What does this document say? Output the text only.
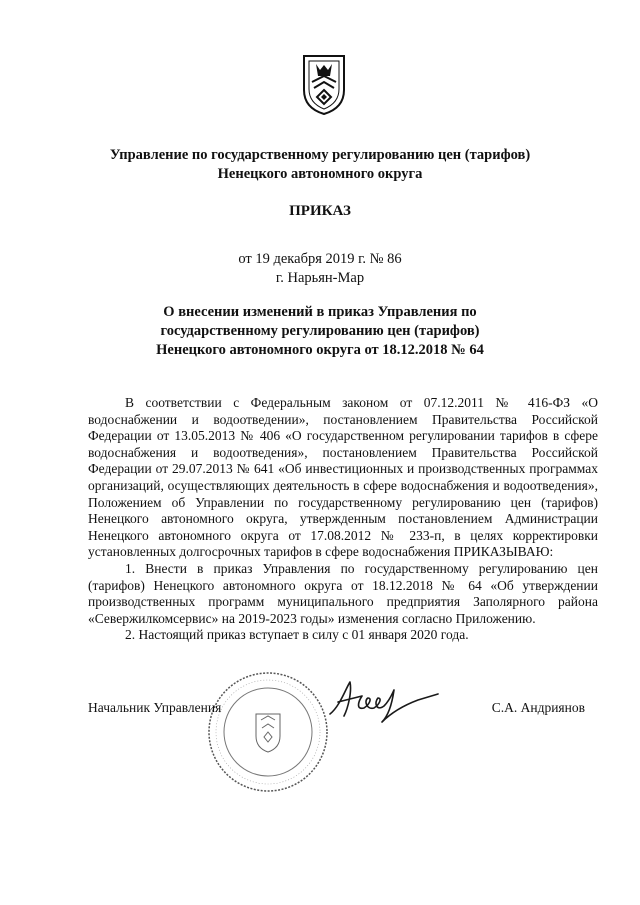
Управление по государственному регулированию цен (тарифов)
Ненецкого автономного округа
ПРИКАЗ
от 19 декабря 2019 г. № 86
г. Нарьян-Мар
О внесении изменений в приказ Управления по
государственному регулированию цен (тарифов)
Ненецкого автономного округа от 18.12.2018 № 64

В соответствии с Федеральным законом от 07.12.2011 № 416-ФЗ «О водоснабжении и водоотведении», постановлением Правительства Российской Федерации от 13.05.2013 № 406 «О государственном регулировании тарифов в сфере водоснабжения и водоотведения», постановлением Правительства Российской Федерации от 29.07.2013 № 641 «Об инвестиционных и производственных программах организаций, осуществляющих деятельность в сфере водоснабжения и водоотведения», Положением об Управлении по государственному регулированию цен (тарифов) Ненецкого автономного округа, утвержденным постановлением Администрации Ненецкого автономного округа от 17.08.2012 № 233-п, в целях корректировки установленных долгосрочных тарифов в сфере водоснабжения ПРИКАЗЫВАЮ:

1. Внести в приказ Управления по государственному регулированию цен (тарифов) Ненецкого автономного округа от 18.12.2018 № 64 «Об утверждении производственных программ муниципального предприятия Заполярного района «Севержилкомсервис» на 2019-2023 годы» изменения согласно Приложению.

2. Настоящий приказ вступает в силу с 01 января 2020 года.

Начальник Управления	С.А. Андриянов
